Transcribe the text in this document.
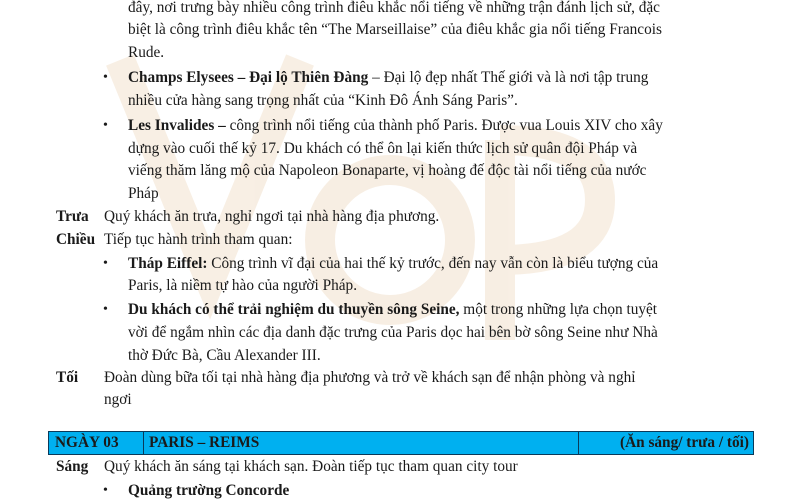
đây, nơi trưng bày nhiều công trình điêu khắc nổi tiếng về những trận đánh lịch sử, đặc
biệt là công trình điêu khắc tên “The Marseillaise” của điêu khắc gia nổi tiếng Francois
Rude.
• Champs Elysees – Đại lộ Thiên Đàng – Đại lộ đẹp nhất Thế giới và là nơi tập trung
nhiều cửa hàng sang trọng nhất của “Kinh Đô Ánh Sáng Paris”.
• Les Invalides – công trình nổi tiếng của thành phố Paris. Được vua Louis XIV cho xây
dựng vào cuối thế kỷ 17. Du khách có thể ôn lại kiến thức lịch sử quân đội Pháp và
viếng thăm lăng mộ của Napoleon Bonaparte, vị hoàng đế độc tài nổi tiếng của nước
Pháp
Trưa Quý khách ăn trưa, nghỉ ngơi tại nhà hàng địa phương.
Chiều Tiếp tục hành trình tham quan:
• Tháp Eiffel: Công trình vĩ đại của hai thế kỷ trước, đến nay vẫn còn là biểu tượng của
Paris, là niềm tự hào của người Pháp.
• Du khách có thể trải nghiệm du thuyền sông Seine, một trong những lựa chọn tuyệt
vời để ngắm nhìn các địa danh đặc trưng của Paris dọc hai bên bờ sông Seine như Nhà
thờ Đức Bà, Cầu Alexander III.
Tối Đoàn dùng bữa tối tại nhà hàng địa phương và trở về khách sạn để nhận phòng và nghỉ
ngơi
NGÀY 03	PARIS – REIMS	(Ăn sáng/ trưa / tối)
Sáng Quý khách ăn sáng tại khách sạn. Đoàn tiếp tục tham quan city tour
• Quảng trường Concorde
